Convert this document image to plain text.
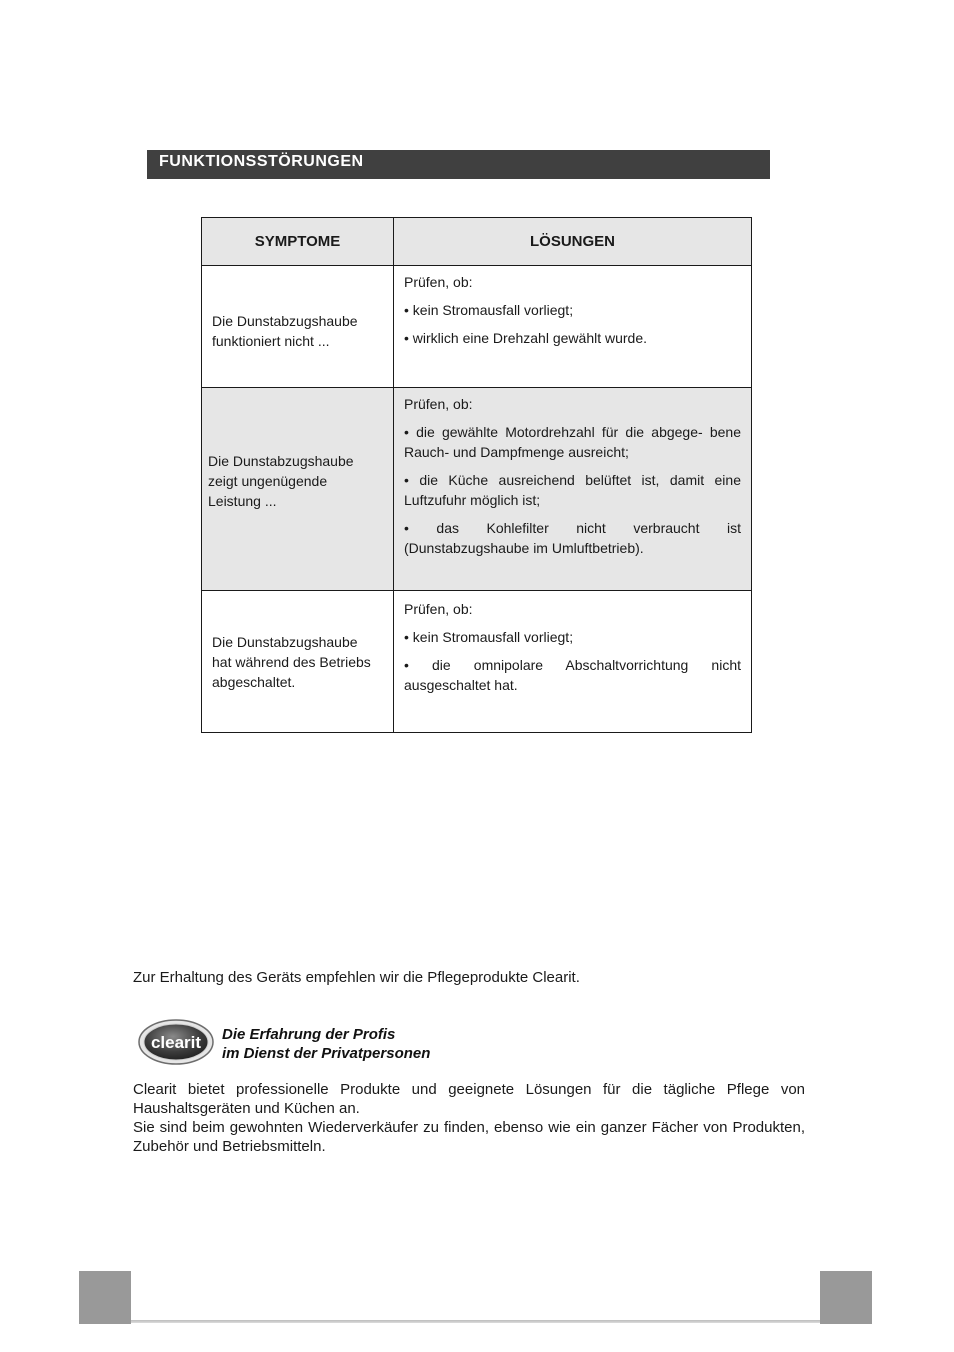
FUNKTIONSSTÖRUNGEN
SYMPTOME	LÖSUNGEN

Die Dunstabzugshaube funktioniert nicht ...	Prüfen, ob:
• kein Stromausfall vorliegt;
• wirklich eine Drehzahl gewählt wurde.

Die Dunstabzugshaube zeigt ungenügende Leistung ...	Prüfen, ob:
• die gewählte Motordrehzahl für die abgege- bene Rauch- und Dampfmenge ausreicht;
• die Küche ausreichend belüftet ist, damit eine Luftzufuhr möglich ist;
• das Kohlefilter nicht verbraucht ist (Dunstabzugshaube im Umluftbetrieb).

Die Dunstabzugshaube hat während des Betriebs abgeschaltet.	Prüfen, ob:
• kein Stromausfall vorliegt;
• die omnipolare Abschaltvorrichtung nicht ausgeschaltet hat.
Zur Erhaltung des Geräts empfehlen wir die Pflegeprodukte Clearit.
clearit Die Erfahrung der Profis
im Dienst der Privatpersonen

Clearit bietet professionelle Produkte und geeignete Lösungen für die tägliche Pflege von Haushaltsgeräten und Küchen an.

Sie sind beim gewohnten Wiederverkäufer zu finden, ebenso wie ein ganzer Fächer von Produkten, Zubehör und Betriebsmitteln.
